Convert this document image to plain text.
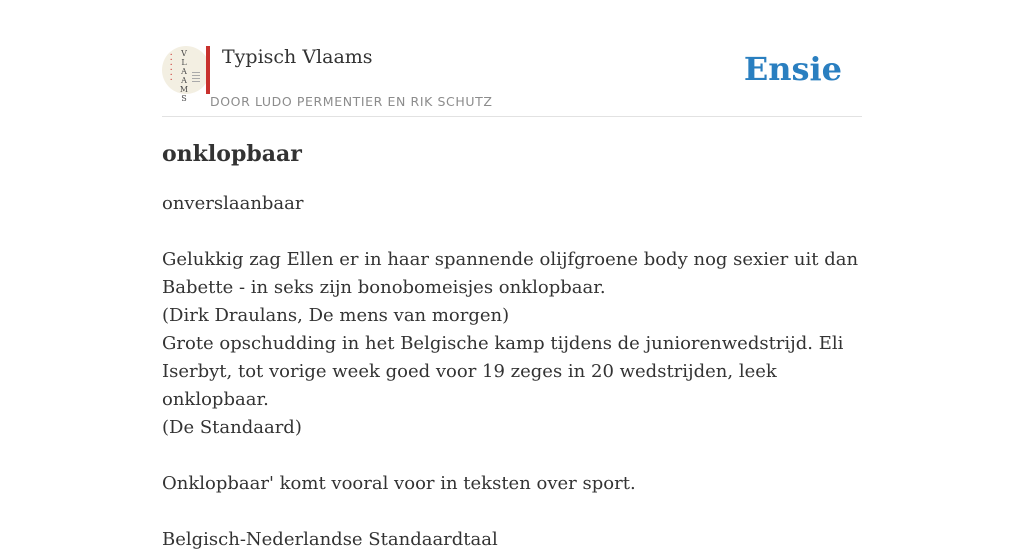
•
•
•
•
•
•
V
L
A
A
M
S
Typisch Vlaams
DOOR LUDO PERMENTIER EN RIK SCHUTZ
Ensie
onklopbaar

onverslaanbaar

Gelukkig zag Ellen er in haar spannende olijfgroene body nog sexier uit dan Babette - in seks zijn bonobomeisjes onklopbaar.

(Dirk Draulans, De mens van morgen)

Grote opschudding in het Belgische kamp tijdens de juniorenwedstrijd. Eli Iserbyt, tot vorige week goed voor 19 zeges in 20 wedstrijden, leek onklopbaar.

(De Standaard)

Onklopbaar' komt vooral voor in teksten over sport.

Belgisch-Nederlandse Standaardtaal
